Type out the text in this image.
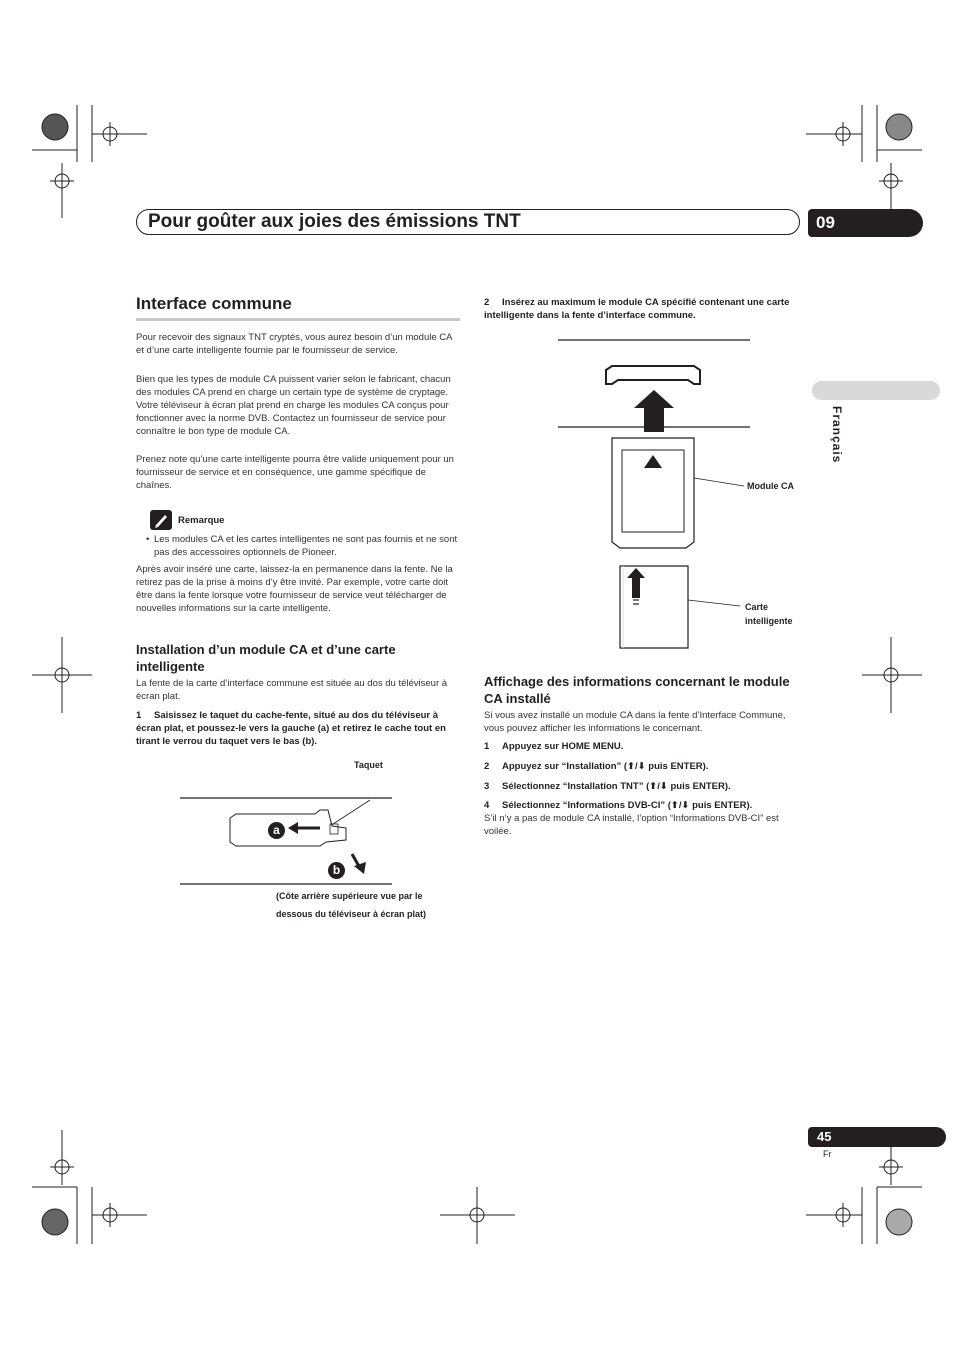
Pour goûter aux joies des émissions TNT	09
Français
Interface commune

Pour recevoir des signaux TNT cryptés, vous aurez besoin d’un module CA et d’une carte intelligente fournie par le fournisseur de service.

Bien que les types de module CA puissent varier selon le fabricant, chacun des modules CA prend en charge un certain type de système de cryptage. Votre téléviseur à écran plat prend en charge les modules CA conçus pour fonctionner avec la norme DVB. Contactez un fournisseur de service pour connaître le bon type de module CA.

Prenez note qu’une carte intelligente pourra être valide uniquement pour un fournisseur de service et en conséquence, une gamme spécifique de chaînes.

Remarque
• Les modules CA et les cartes intelligentes ne sont pas fournis et ne sont pas des accessoires optionnels de Pioneer.

Après avoir inséré une carte, laissez-la en permanence dans la fente. Ne la retirez pas de la prise à moins d’y être invité. Par exemple, votre carte doit être dans la fente lorsque votre fournisseur de service veut télécharger de nouvelles informations sur la carte intelligente.

Installation d’un module CA et d’une carte intelligente

La fente de la carte d’interface commune est située au dos du téléviseur à écran plat.

1 Saisissez le taquet du cache-fente, situé au dos du téléviseur à écran plat, et poussez-le vers la gauche (a) et retirez le cache tout en tirant le verrou du taquet vers le bas (b).
Taquet
a
b
(Côte arrière supérieure vue par le
dessous du téléviseur à écran plat)
2 Insérez au maximum le module CA spécifié contenant une carte intelligente dans la fente d’interface commune.
Module CA
Carte
intelligente
Affichage des informations concernant le module CA installé

Si vous avez installé un module CA dans la fente d’Interface Commune, vous pouvez afficher les informations le concernant.

1 Appuyez sur HOME MENU.
2 Appuyez sur “Installation” (⬆/⬇ puis ENTER).
3 Sélectionnez “Installation TNT” (⬆/⬇ puis ENTER).
4 Sélectionnez “Informations DVB-CI” (⬆/⬇ puis ENTER).

S’il n’y a pas de module CA installé, l’option “Informations DVB-CI” est voilée.

45
Fr
